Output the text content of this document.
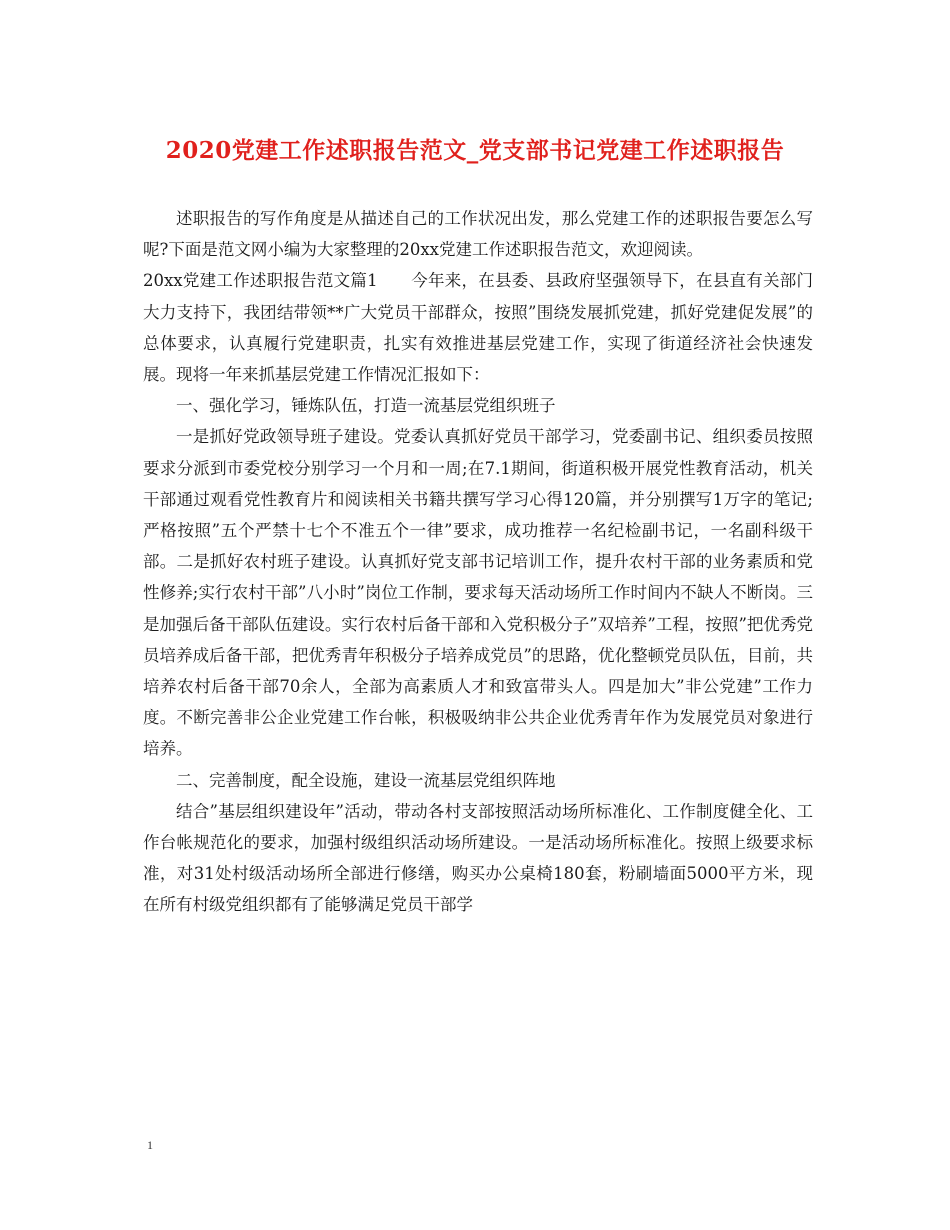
2020党建工作述职报告范文_党支部书记党建工作述职报告

述职报告的写作角度是从描述自己的工作状况出发，那么党建工作的述职报告要怎么写呢?下面是范文网小编为大家整理的20xx党建工作述职报告范文，欢迎阅读。

20xx党建工作述职报告范文篇1　　今年来，在县委、县政府坚强领导下，在县直有关部门大力支持下，我团结带领**广大党员干部群众，按照”围绕发展抓党建，抓好党建促发展”的总体要求，认真履行党建职责，扎实有效推进基层党建工作，实现了街道经济社会快速发展。现将一年来抓基层党建工作情况汇报如下：

一、强化学习，锤炼队伍，打造一流基层党组织班子

一是抓好党政领导班子建设。党委认真抓好党员干部学习，党委副书记、组织委员按照要求分派到市委党校分别学习一个月和一周;在7.1期间，街道积极开展党性教育活动，机关干部通过观看党性教育片和阅读相关书籍共撰写学习心得120篇，并分别撰写1万字的笔记;严格按照”五个严禁十七个不准五个一律”要求，成功推荐一名纪检副书记，一名副科级干部。二是抓好农村班子建设。认真抓好党支部书记培训工作，提升农村干部的业务素质和党性修养;实行农村干部”八小时”岗位工作制，要求每天活动场所工作时间内不缺人不断岗。三是加强后备干部队伍建设。实行农村后备干部和入党积极分子”双培养”工程，按照”把优秀党员培养成后备干部，把优秀青年积极分子培养成党员”的思路，优化整顿党员队伍，目前，共培养农村后备干部70余人，全部为高素质人才和致富带头人。四是加大”非公党建”工作力度。不断完善非公企业党建工作台帐，积极吸纳非公共企业优秀青年作为发展党员对象进行培养。

二、完善制度，配全设施，建设一流基层党组织阵地

结合”基层组织建设年”活动，带动各村支部按照活动场所标准化、工作制度健全化、工作台帐规范化的要求，加强村级组织活动场所建设。一是活动场所标准化。按照上级要求标准，对31处村级活动场所全部进行修缮，购买办公桌椅180套，粉刷墙面5000平方米，现在所有村级党组织都有了能够满足党员干部学

1
